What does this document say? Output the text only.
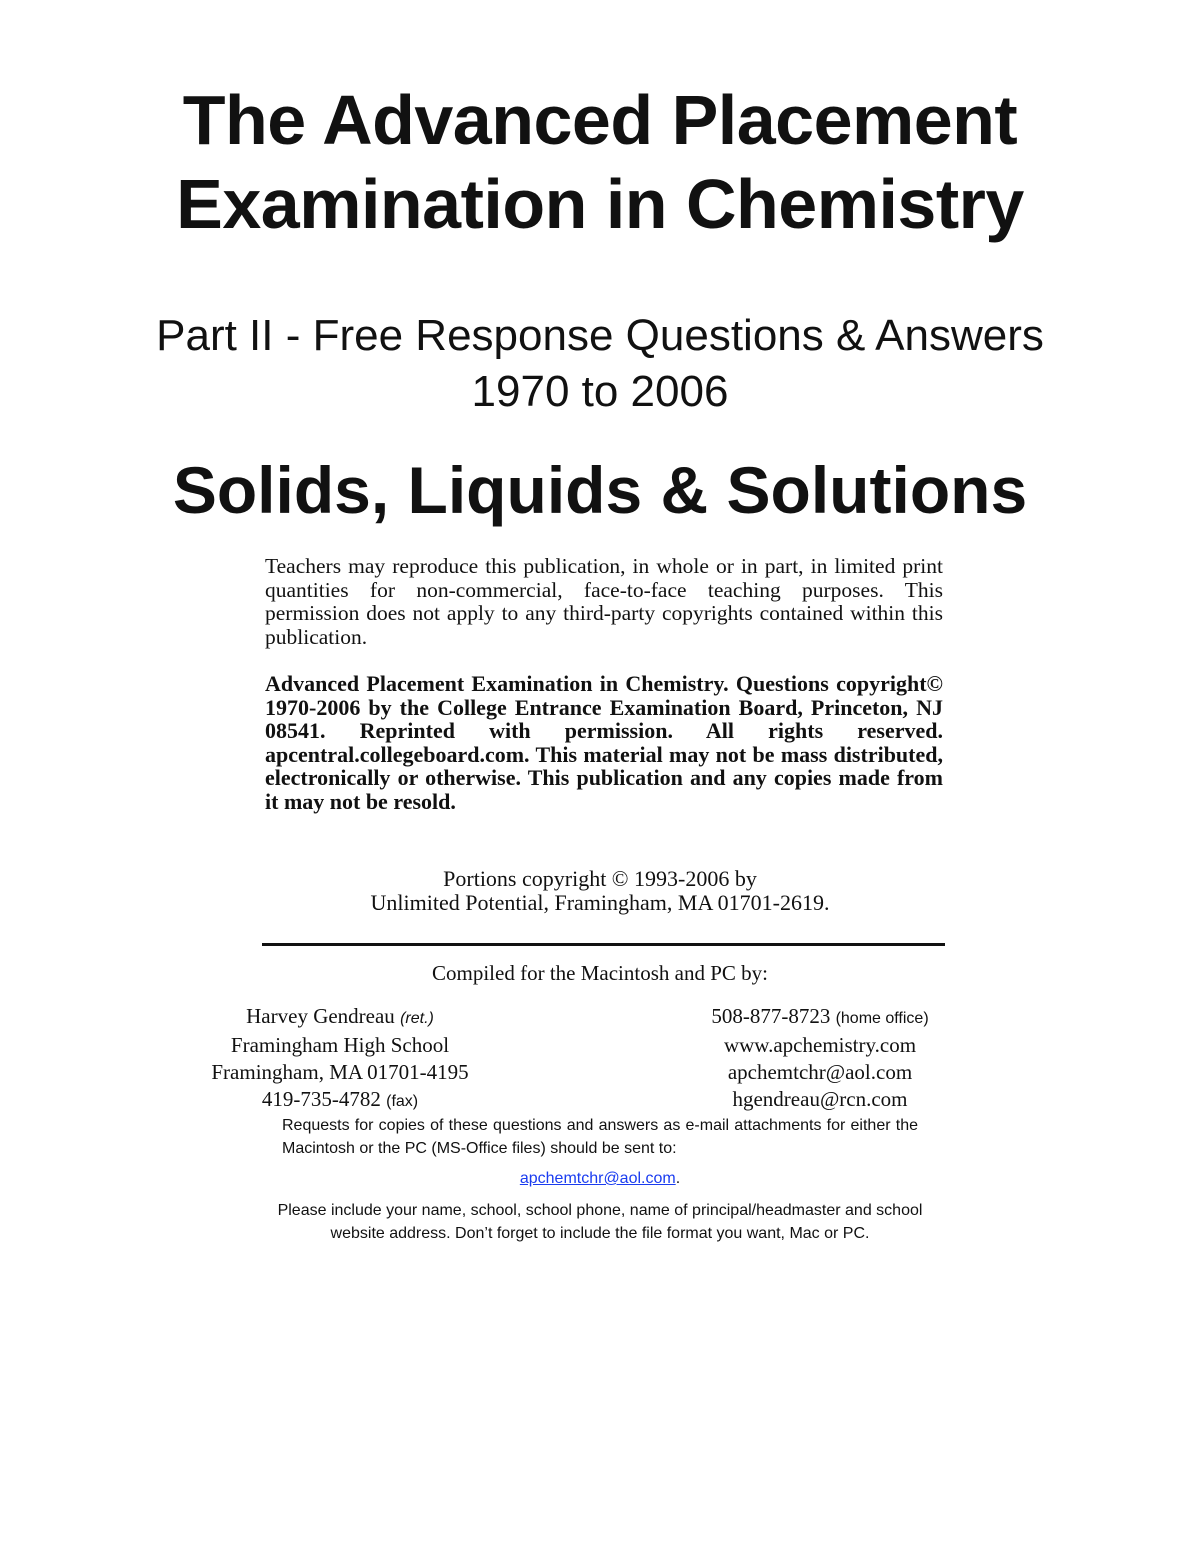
The Advanced Placement
Examination in Chemistry
Part II - Free Response Questions & Answers
1970 to 2006
Solids, Liquids & Solutions
Teachers may reproduce this publication, in whole or in part, in limited print quantities for non-commercial, face-to-face teaching purposes. This permission does not apply to any third-party copyrights contained within this publication.
Advanced Placement Examination in Chemistry. Questions copyright© 1970-2006 by the College Entrance Examination Board, Princeton, NJ 08541. Reprinted with permission. All rights reserved. apcentral.collegeboard.com. This material may not be mass distributed, electronically or otherwise. This publication and any copies made from it may not be resold.
Portions copyright © 1993-2006 by
Unlimited Potential, Framingham, MA 01701-2619.
Compiled for the Macintosh and PC by:
Harvey Gendreau (ret.)
Framingham High School
Framingham, MA 01701-4195
419-735-4782 (fax)
508-877-8723 (home office)
www.apchemistry.com
apchemtchr@aol.com
hgendreau@rcn.com
Requests for copies of these questions and answers as e-mail attachments for either the Macintosh or the PC (MS-Office files) should be sent to:
apchemtchr@aol.com.
Please include your name, school, school phone, name of principal/headmaster and school website address. Don’t forget to include the file format you want, Mac or PC.
